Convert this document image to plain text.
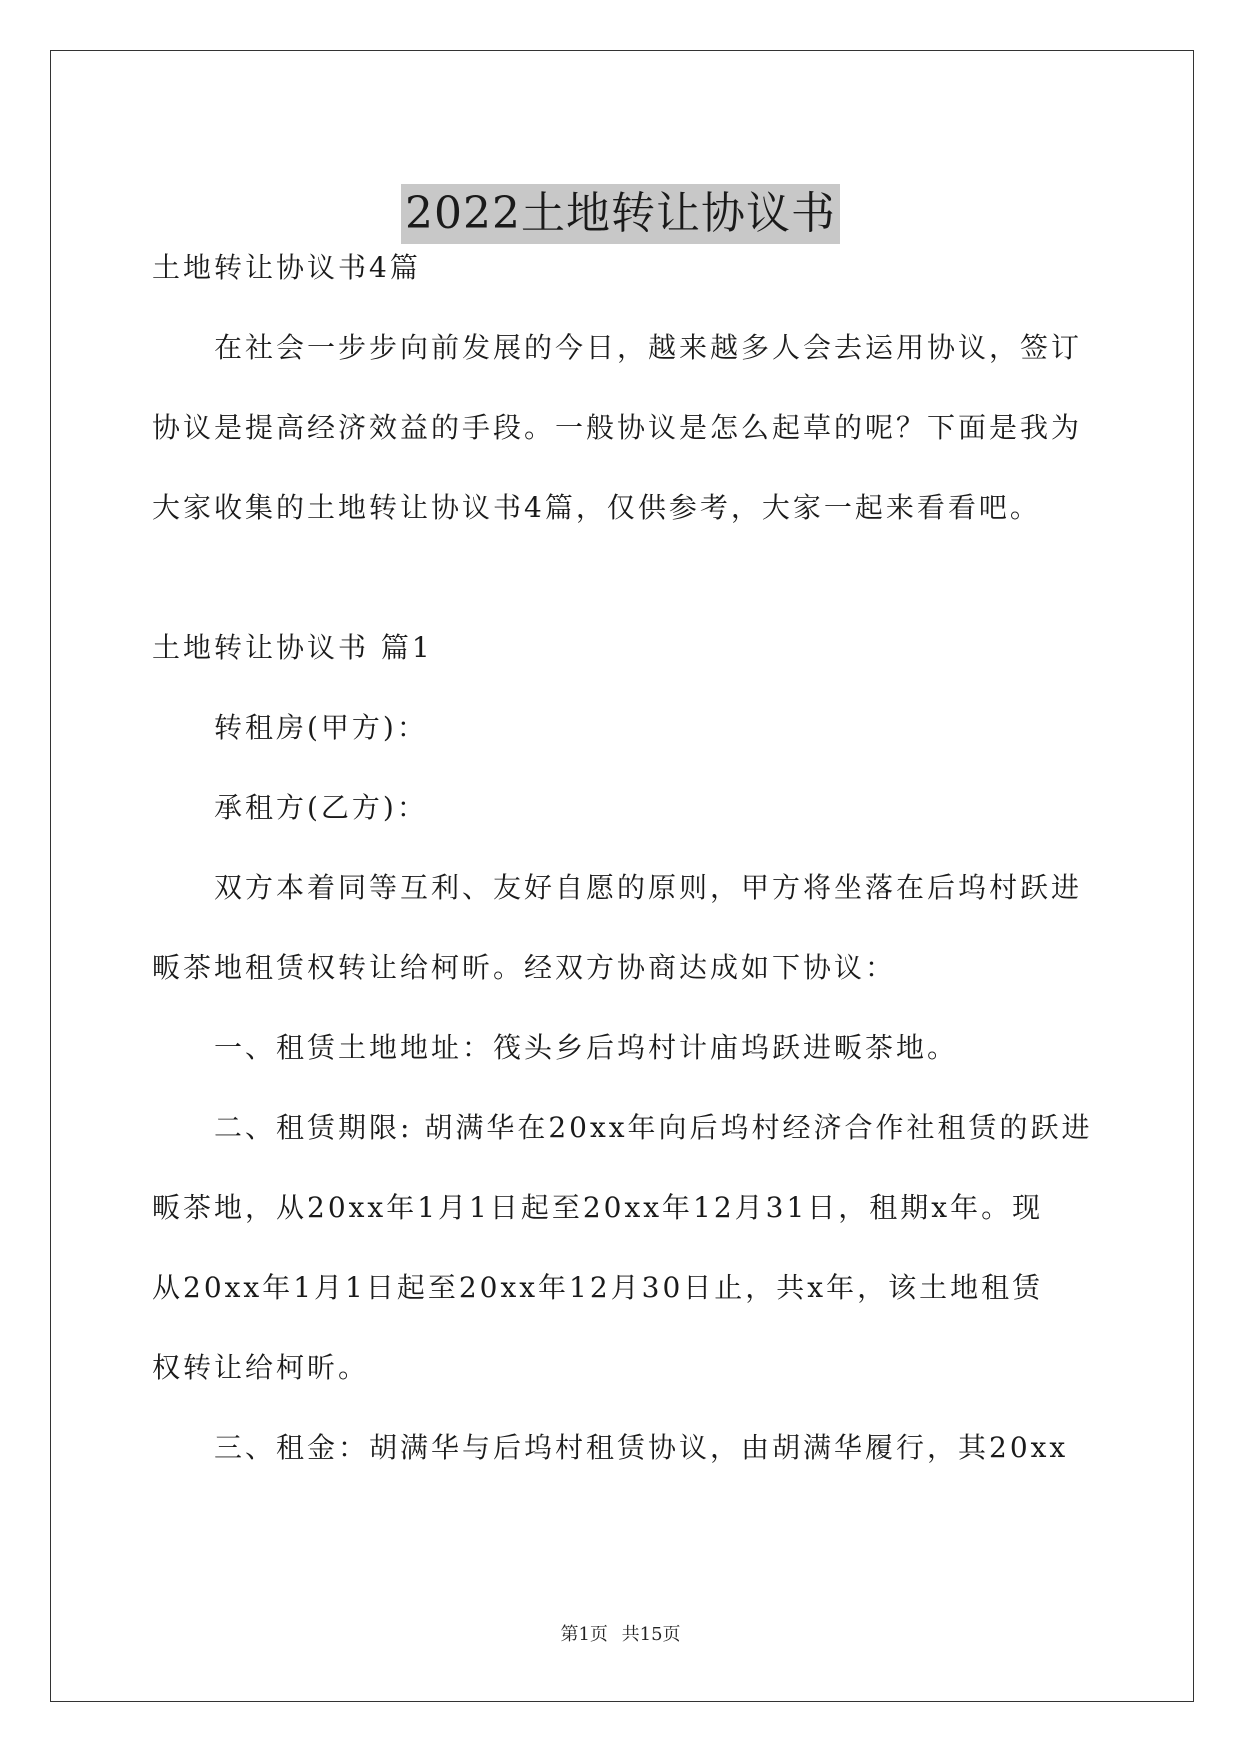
2022土地转让协议书
土地转让协议书4篇
在社会一步步向前发展的今日，越来越多人会去运用协议，签订
协议是提高经济效益的手段。一般协议是怎么起草的呢？下面是我为
大家收集的土地转让协议书4篇，仅供参考，大家一起来看看吧。
土地转让协议书 篇1
转租房(甲方)：
承租方(乙方)：
双方本着同等互利、友好自愿的原则，甲方将坐落在后坞村跃进
畈茶地租赁权转让给柯昕。经双方协商达成如下协议：
一、租赁土地地址：筏头乡后坞村计庙坞跃进畈茶地。
二、租赁期限: 胡满华在20xx年向后坞村经济合作社租赁的跃进
畈茶地，从20xx年1月1日起至20xx年12月31日，租期x年。现
从20xx年1月1日起至20xx年12月30日止，共x年，该土地租赁
权转让给柯昕。
三、租金：胡满华与后坞村租赁协议，由胡满华履行，其20xx
第1页 共15页
